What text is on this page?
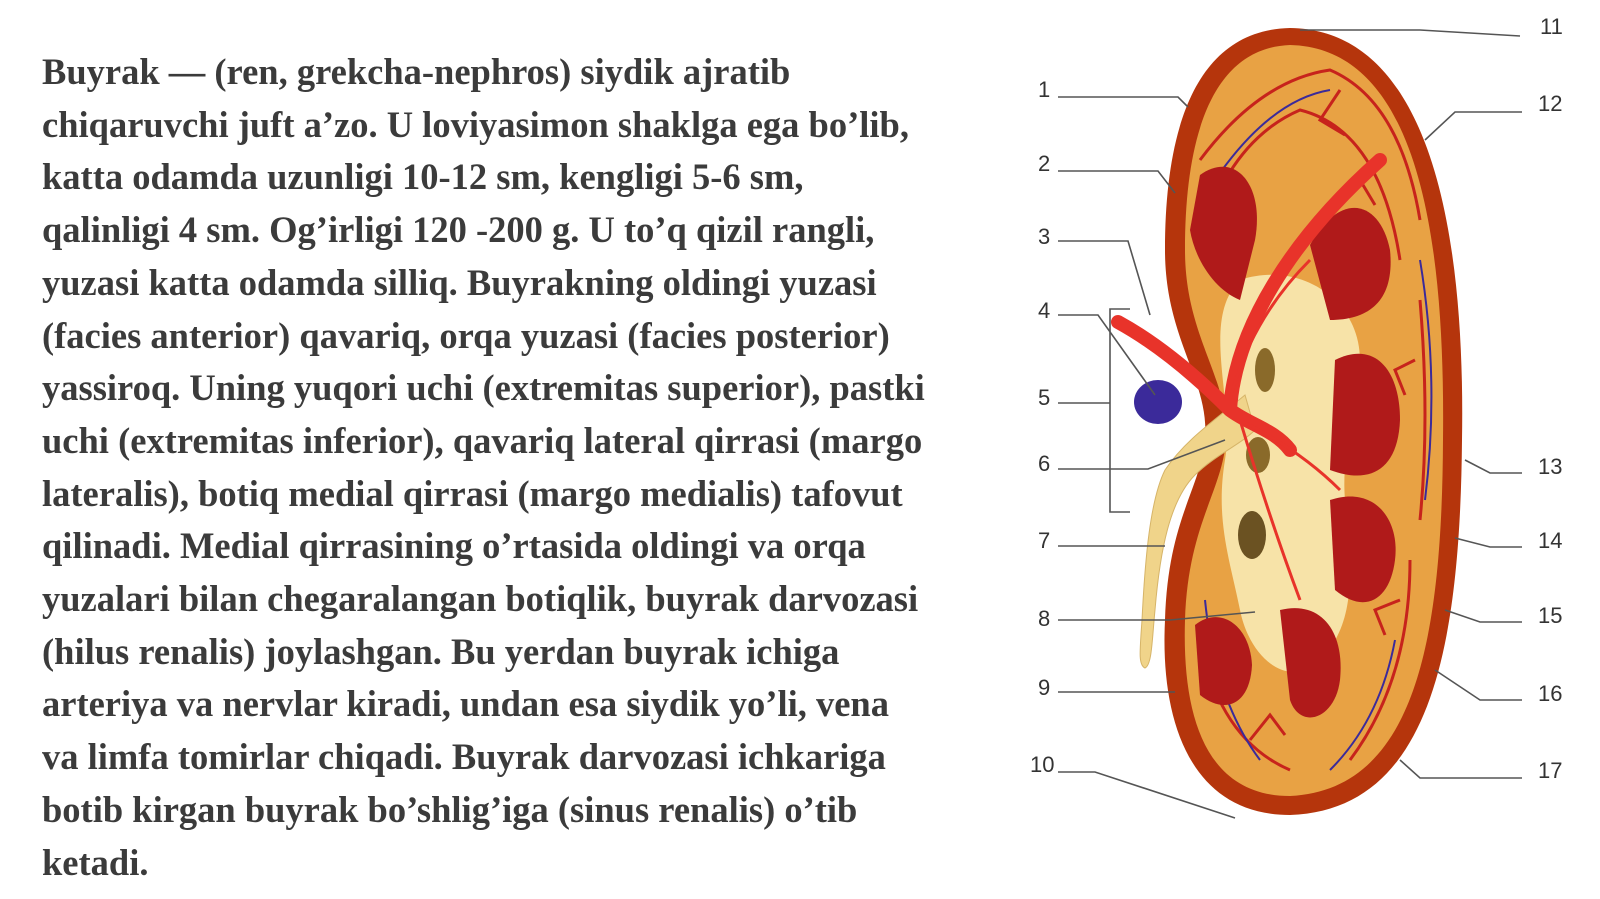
Buyrak — (ren, grekcha-nephros) siydik ajratib
chiqaruvchi juft a’zo. U loviyasimon shaklga ega bo’lib,
katta odamda uzunligi 10-12 sm, kengligi 5-6 sm,
qalinligi 4 sm. Og’irligi 120 -200 g. U to’q qizil rangli,
yuzasi katta odamda silliq. Buyrakning oldingi yuzasi
(facies anterior) qavariq, orqa yuzasi (facies posterior)
yassiroq. Uning yuqori uchi (extremitas superior), pastki
uchi (extremitas inferior), qavariq lateral qirrasi (margo
lateralis), botiq medial qirrasi (margo medialis) tafovut
qilinadi. Medial qirrasining o’rtasida oldingi va orqa
yuzalari bilan chegaralangan botiqlik, buyrak darvozasi
(hilus renalis) joylashgan. Bu yerdan buyrak ichiga
arteriya va nervlar kiradi, undan esa siydik yo’li, vena
va limfa tomirlar chiqadi. Buyrak darvozasi ichkariga
botib kirgan buyrak bo’shlig’iga (sinus renalis) o’tib
ketadi.
1
2
3
4
5
6
7
8
9
10
11
12
13
14
15
16
17
